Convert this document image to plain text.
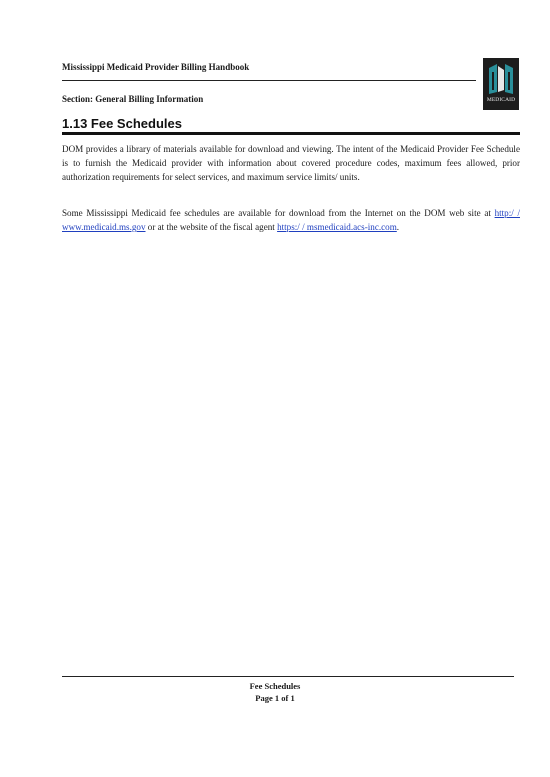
Mississippi Medicaid Provider Billing Handbook
Section: General Billing Information	MEDICAID
1.13 Fee Schedules
DOM provides a library of materials available for download and viewing. The intent of the Medicaid Provider Fee Schedule is to furnish the Medicaid provider with information about covered procedure codes, maximum fees allowed, prior authorization requirements for select services, and maximum service limits/ units.
Some Mississippi Medicaid fee schedules are available for download from the Internet on the DOM web site at http:/ / www.medicaid.ms.gov or at the website of the fiscal agent https:/ / msmedicaid.acs-inc.com.
Fee Schedules
Page 1 of 1
